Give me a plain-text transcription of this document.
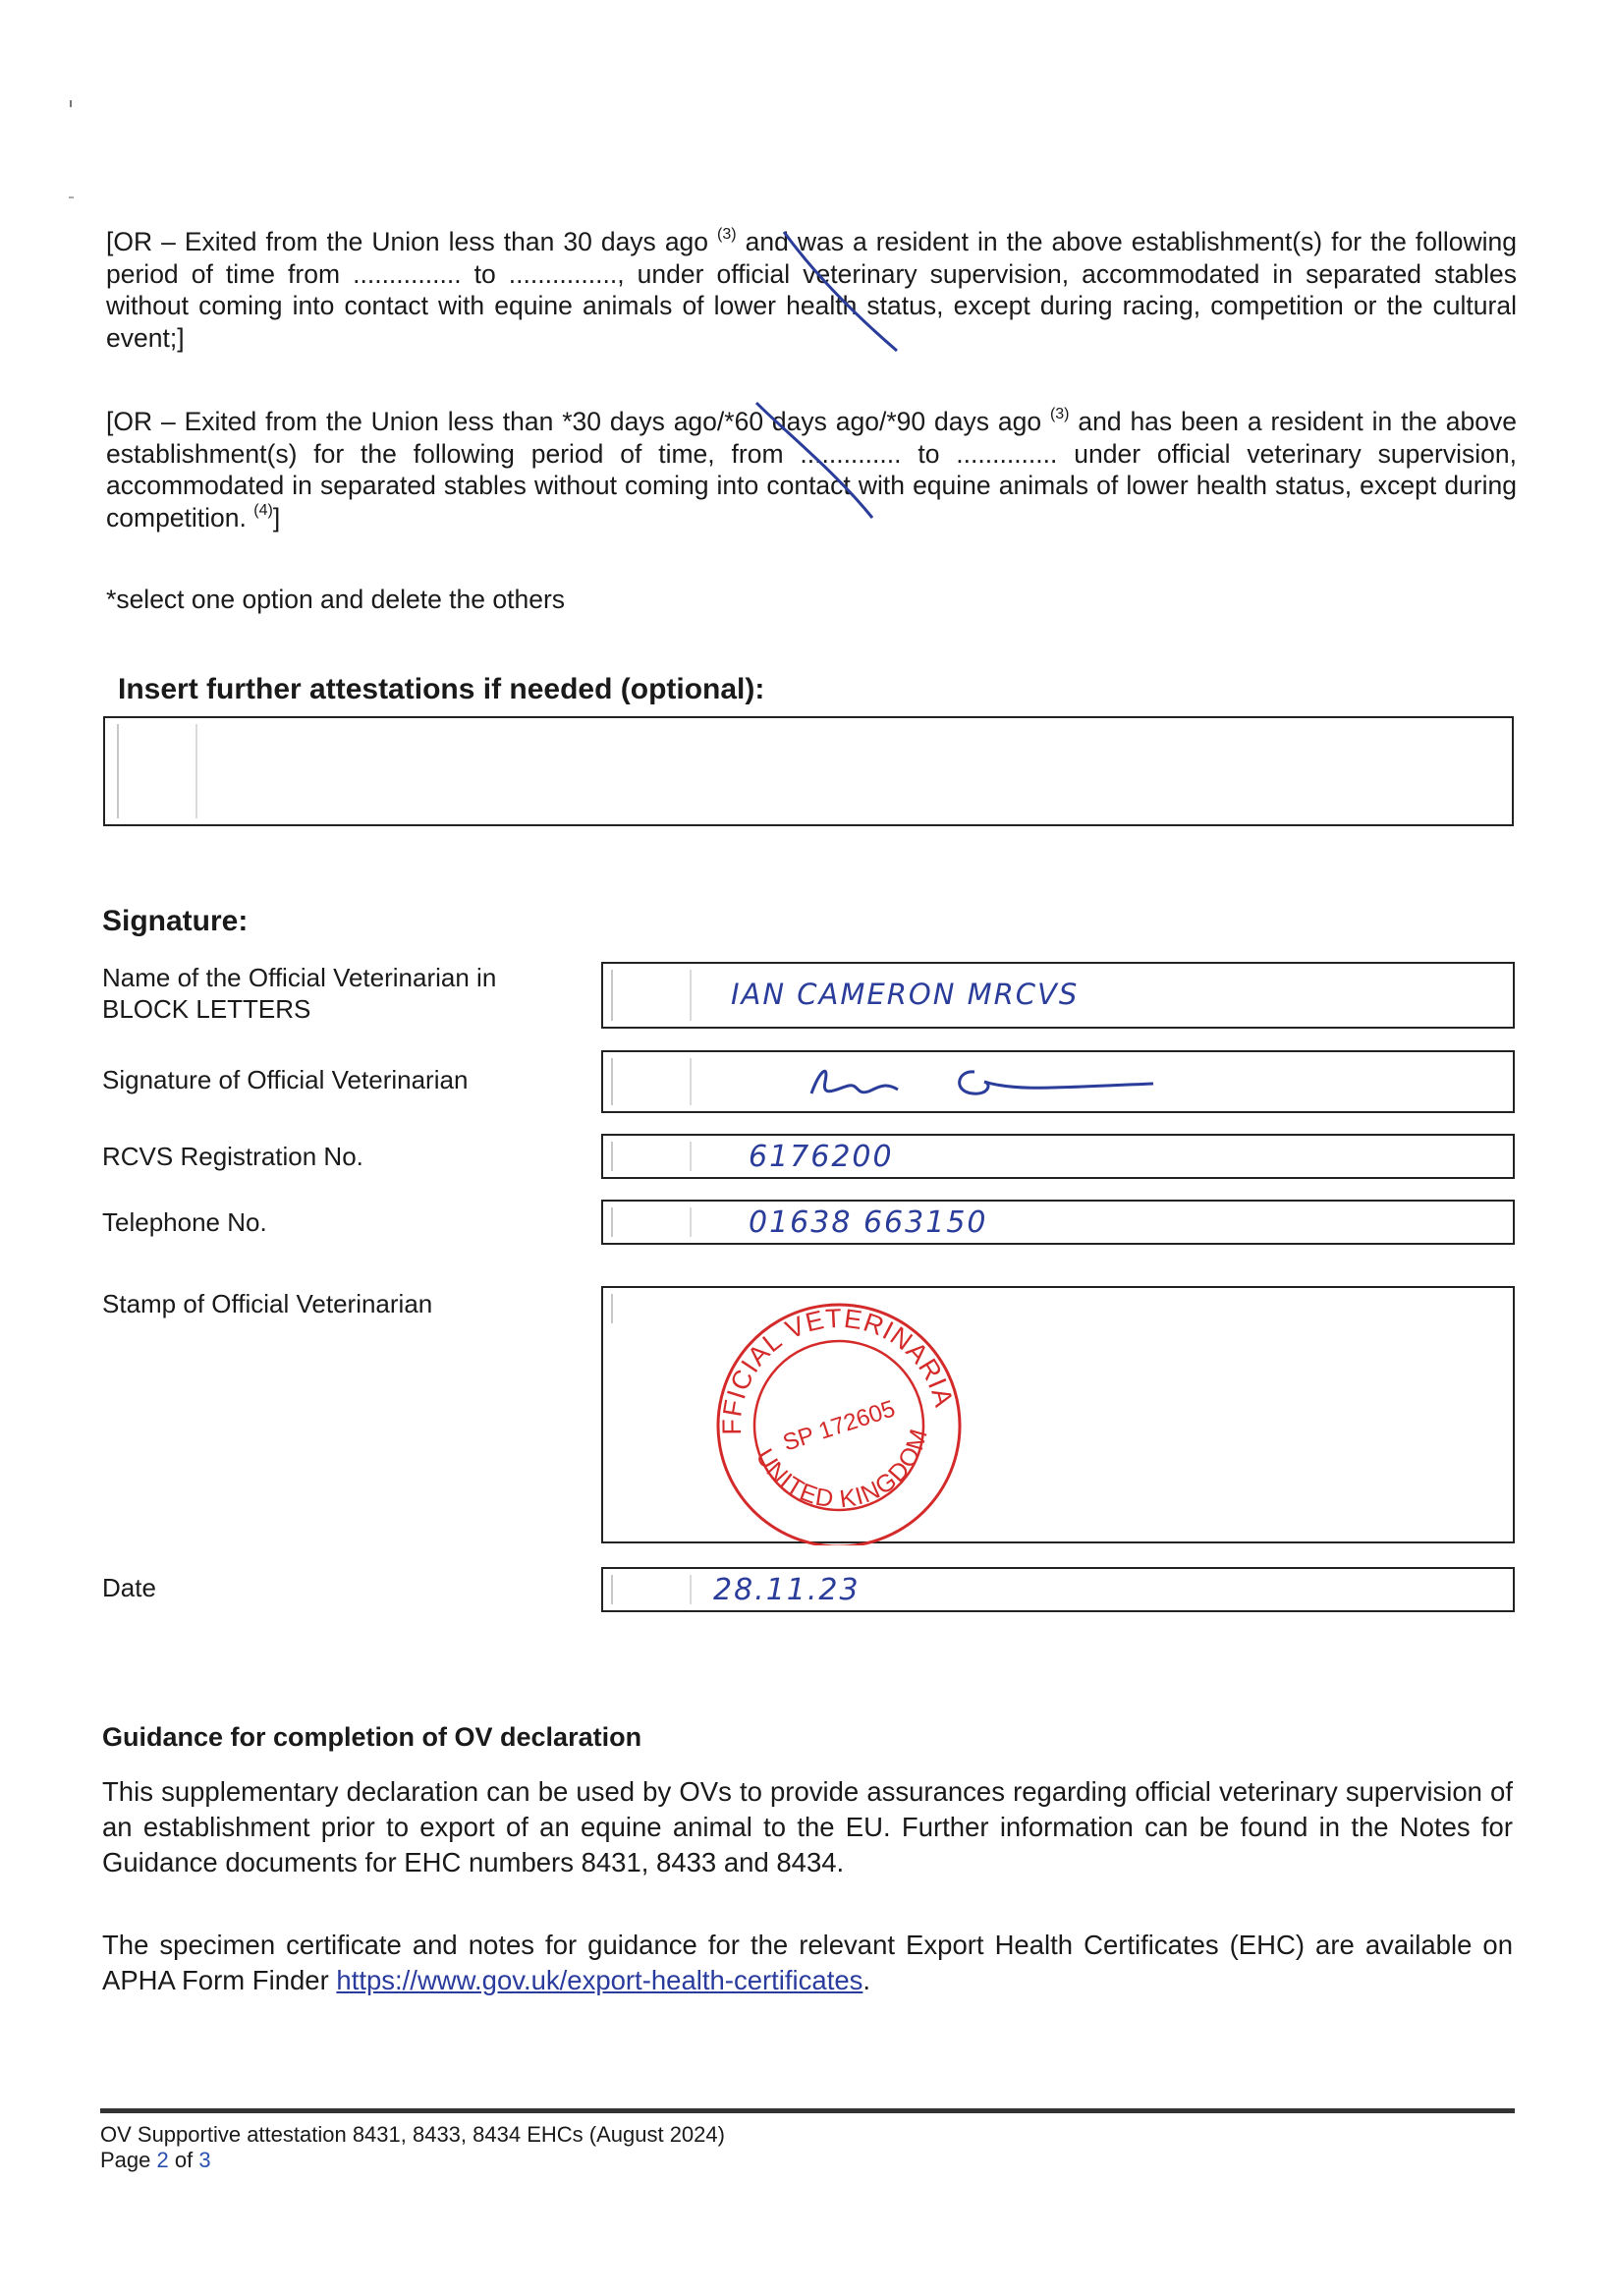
[OR – Exited from the Union less than 30 days ago $^{(3)}$ and was a resident in the above establishment(s) for the following period of time from ............... to ..............., under official veterinary supervision, accommodated in separated stables without coming into contact with equine animals of lower health status, except during racing, competition or the cultural event;]

[OR – Exited from the Union less than *30 days ago/*60 days ago/*90 days ago $^{(3)}$ and has been a resident in the above establishment(s) for the following period of time, from .............. to .............. under official veterinary supervision, accommodated in separated stables without coming into contact with equine animals of lower health status, except during competition. $^{(4)}$]

*select one option and delete the others
Insert further attestations if needed (optional):
Signature:
Name of the Official Veterinarian in
BLOCK LETTERS	IAN CAMERON MRCVS
Signature of Official Veterinarian
RCVS Registration No.	6176200
Telephone No.	01638 663150
Stamp of Official Veterinarian	OFFICIAL VETERINARIAN
UNITED KINGDOM
SP 172605
Date	28.11.23
Guidance for completion of OV declaration

This supplementary declaration can be used by OVs to provide assurances regarding official veterinary supervision of an establishment prior to export of an equine animal to the EU. Further information can be found in the Notes for Guidance documents for EHC numbers 8431, 8433 and 8434.

The specimen certificate and notes for guidance for the relevant Export Health Certificates (EHC) are available on APHA Form Finder https://www.gov.uk/export-health-certificates.

OV Supportive attestation 8431, 8433, 8434 EHCs (August 2024)
Page 2 of 3
